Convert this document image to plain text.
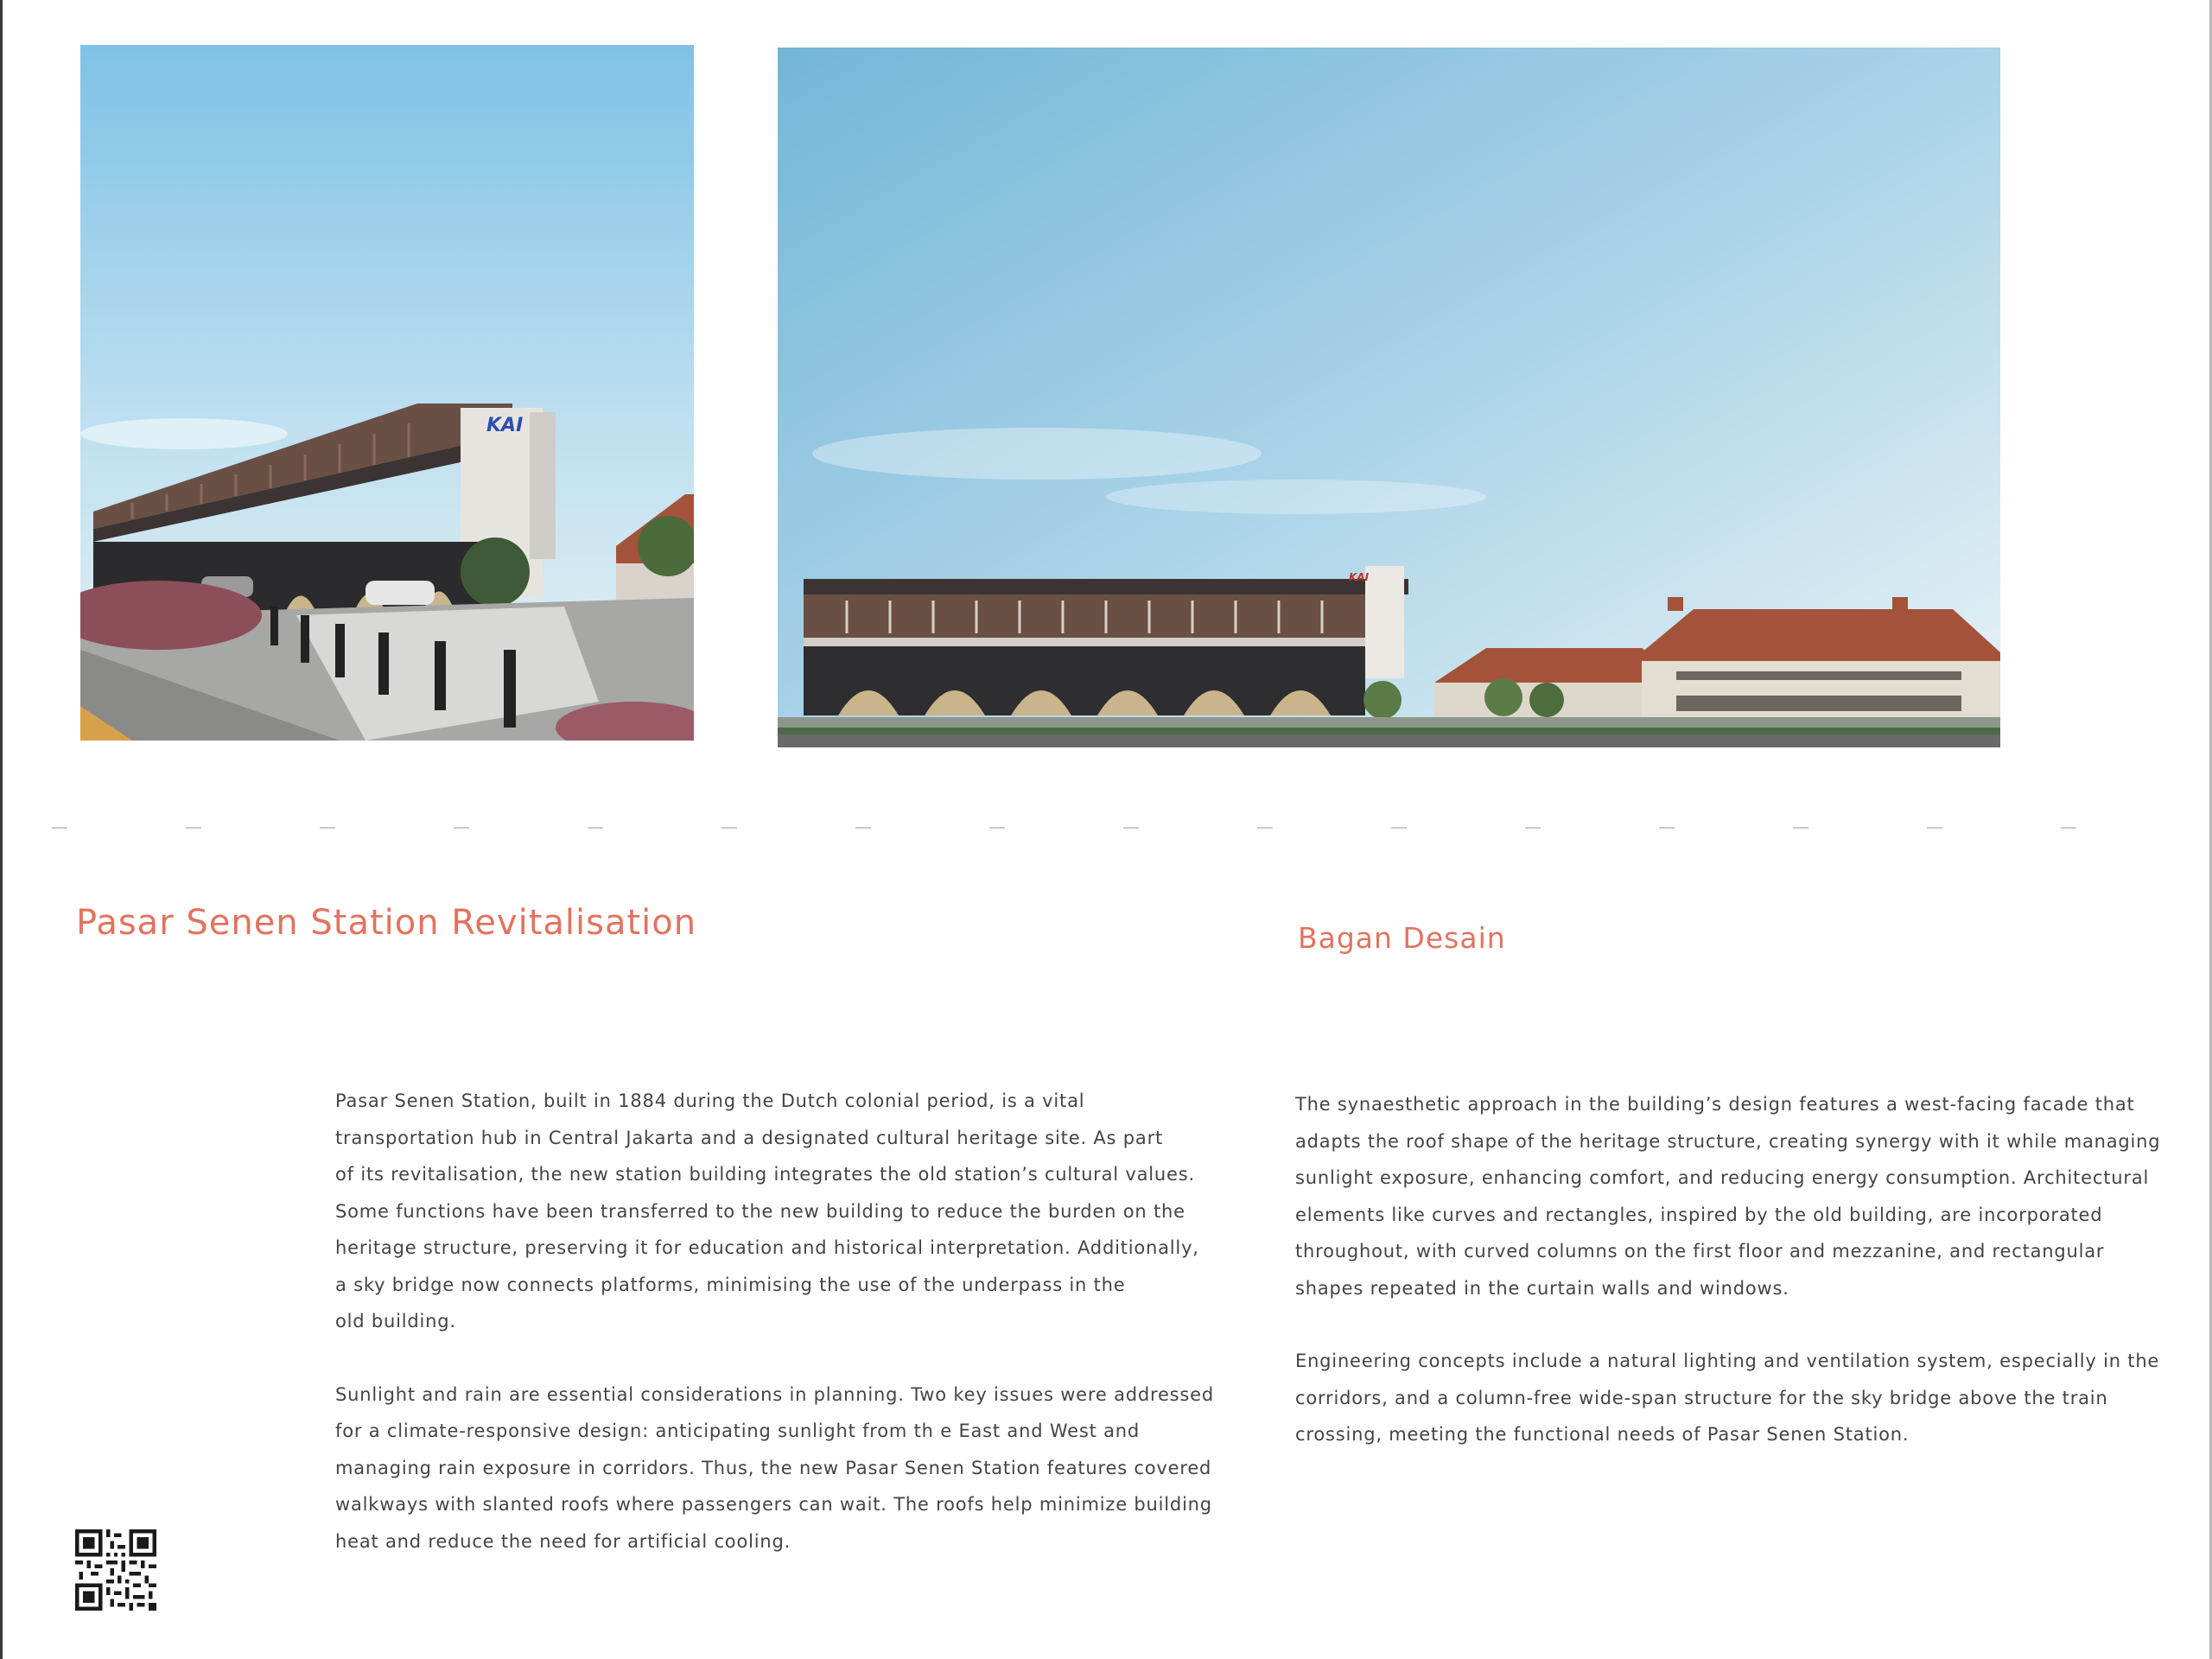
KAI
KAI
Pasar Senen Station Revitalisation	Bagan Desain

Pasar Senen Station, built in 1884 during the Dutch colonial period, is a vital
transportation hub in Central Jakarta and a designated cultural heritage site. As part
of its revitalisation, the new station building integrates the old station’s cultural values.
Some functions have been transferred to the new building to reduce the burden on the
heritage structure, preserving it for education and historical interpretation. Additionally,
a sky bridge now connects platforms, minimising the use of the underpass in the
old building.

Sunlight and rain are essential considerations in planning. Two key issues were addressed
for a climate-responsive design: anticipating sunlight from th e East and West and
managing rain exposure in corridors. Thus, the new Pasar Senen Station features covered
walkways with slanted roofs where passengers can wait. The roofs help minimize building
heat and reduce the need for artificial cooling.

The synaesthetic approach in the building’s design features a west-facing facade that
adapts the roof shape of the heritage structure, creating synergy with it while managing
sunlight exposure, enhancing comfort, and reducing energy consumption. Architectural
elements like curves and rectangles, inspired by the old building, are incorporated
throughout, with curved columns on the first floor and mezzanine, and rectangular
shapes repeated in the curtain walls and windows.

Engineering concepts include a natural lighting and ventilation system, especially in the
corridors, and a column-free wide-span structure for the sky bridge above the train
crossing, meeting the functional needs of Pasar Senen Station.
